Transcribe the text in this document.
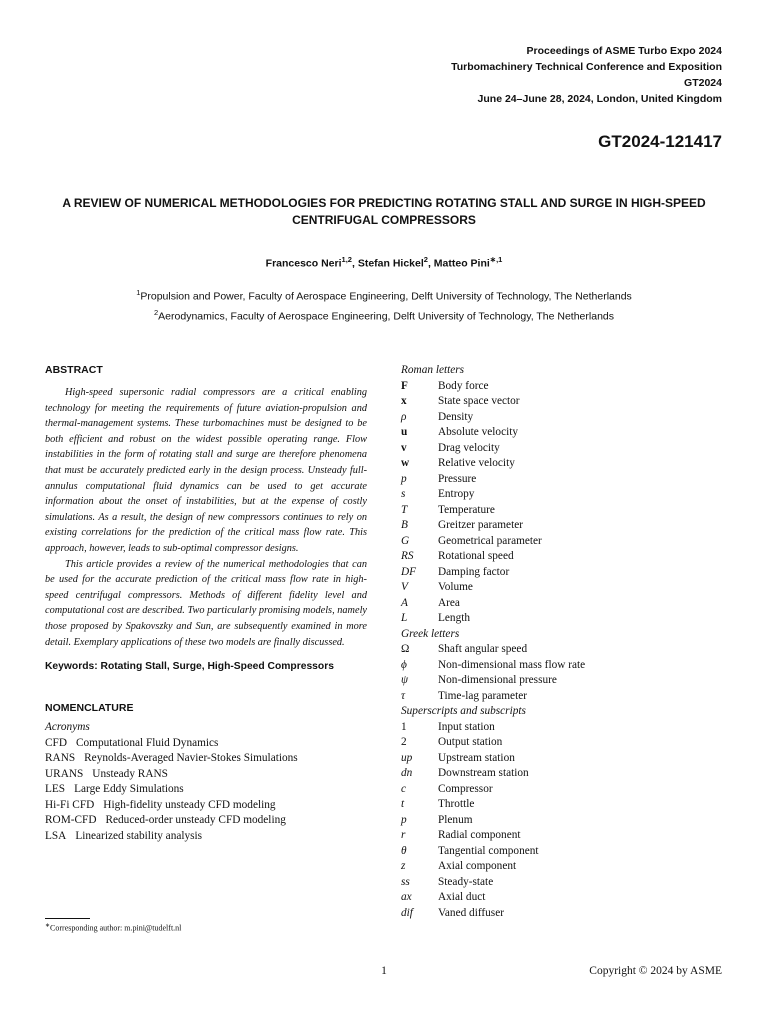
Proceedings of ASME Turbo Expo 2024
Turbomachinery Technical Conference and Exposition
GT2024
June 24–June 28, 2024, London, United Kingdom
GT2024-121417
A REVIEW OF NUMERICAL METHODOLOGIES FOR PREDICTING ROTATING STALL AND SURGE IN HIGH-SPEED CENTRIFUGAL COMPRESSORS
Francesco Neri$^{1,2}$, Stefan Hickel$^2$, Matteo Pini$^{∗,1}$
$^1$Propulsion and Power, Faculty of Aerospace Engineering, Delft University of Technology, The Netherlands
$^2$Aerodynamics, Faculty of Aerospace Engineering, Delft University of Technology, The Netherlands
ABSTRACT

High-speed supersonic radial compressors are a critical enabling technology for meeting the requirements of future aviation-propulsion and thermal-management systems. These turbomachines must be designed to be both efficient and robust on the widest possible operating range. Flow instabilities in the form of rotating stall and surge are therefore phenomena that must be accurately predicted early in the design process. Unsteady full-annulus computational fluid dynamics can be used to get accurate information about the onset of instabilities, but at the expense of costly simulations. As a result, the design of new compressors continues to rely on existing correlations for the prediction of the critical mass flow rate. This approach, however, leads to sub-optimal compressor designs.

This article provides a review of the numerical methodologies that can be used for the accurate prediction of the critical mass flow rate in high-speed centrifugal compressors. Methods of different fidelity level and computational cost are described. Two particularly promising models, namely those proposed by Spakovszky and Sun, are subsequently examined in more detail. Exemplary applications of these two models are finally discussed.

Keywords: Rotating Stall, Surge, High-Speed Compressors
NOMENCLATURE
Acronyms
CFD Computational Fluid Dynamics
RANS Reynolds-Averaged Navier-Stokes Simulations
URANS Unsteady RANS
LES Large Eddy Simulations
Hi-Fi CFD High-fidelity unsteady CFD modeling
ROM-CFD Reduced-order unsteady CFD modeling
LSA Linearized stability analysis
∗Corresponding author: m.pini@tudelft.nl
Roman letters
F	Body force
x	State space vector
ρ	Density
u	Absolute velocity
v	Drag velocity
w	Relative velocity
p	Pressure
s	Entropy
T	Temperature
B	Greitzer parameter
G	Geometrical parameter
RS	Rotational speed
DF	Damping factor
V	Volume
A	Area
L	Length
Greek letters
Ω	Shaft angular speed
ϕ	Non-dimensional mass flow rate
ψ	Non-dimensional pressure
τ	Time-lag parameter
Superscripts and subscripts
1	Input station
2	Output station
up	Upstream station
dn	Downstream station
c	Compressor
t	Throttle
p	Plenum
r	Radial component
θ	Tangential component
z	Axial component
ss	Steady-state
ax	Axial duct
dif	Vaned diffuser
1	Copyright © 2024 by ASME
